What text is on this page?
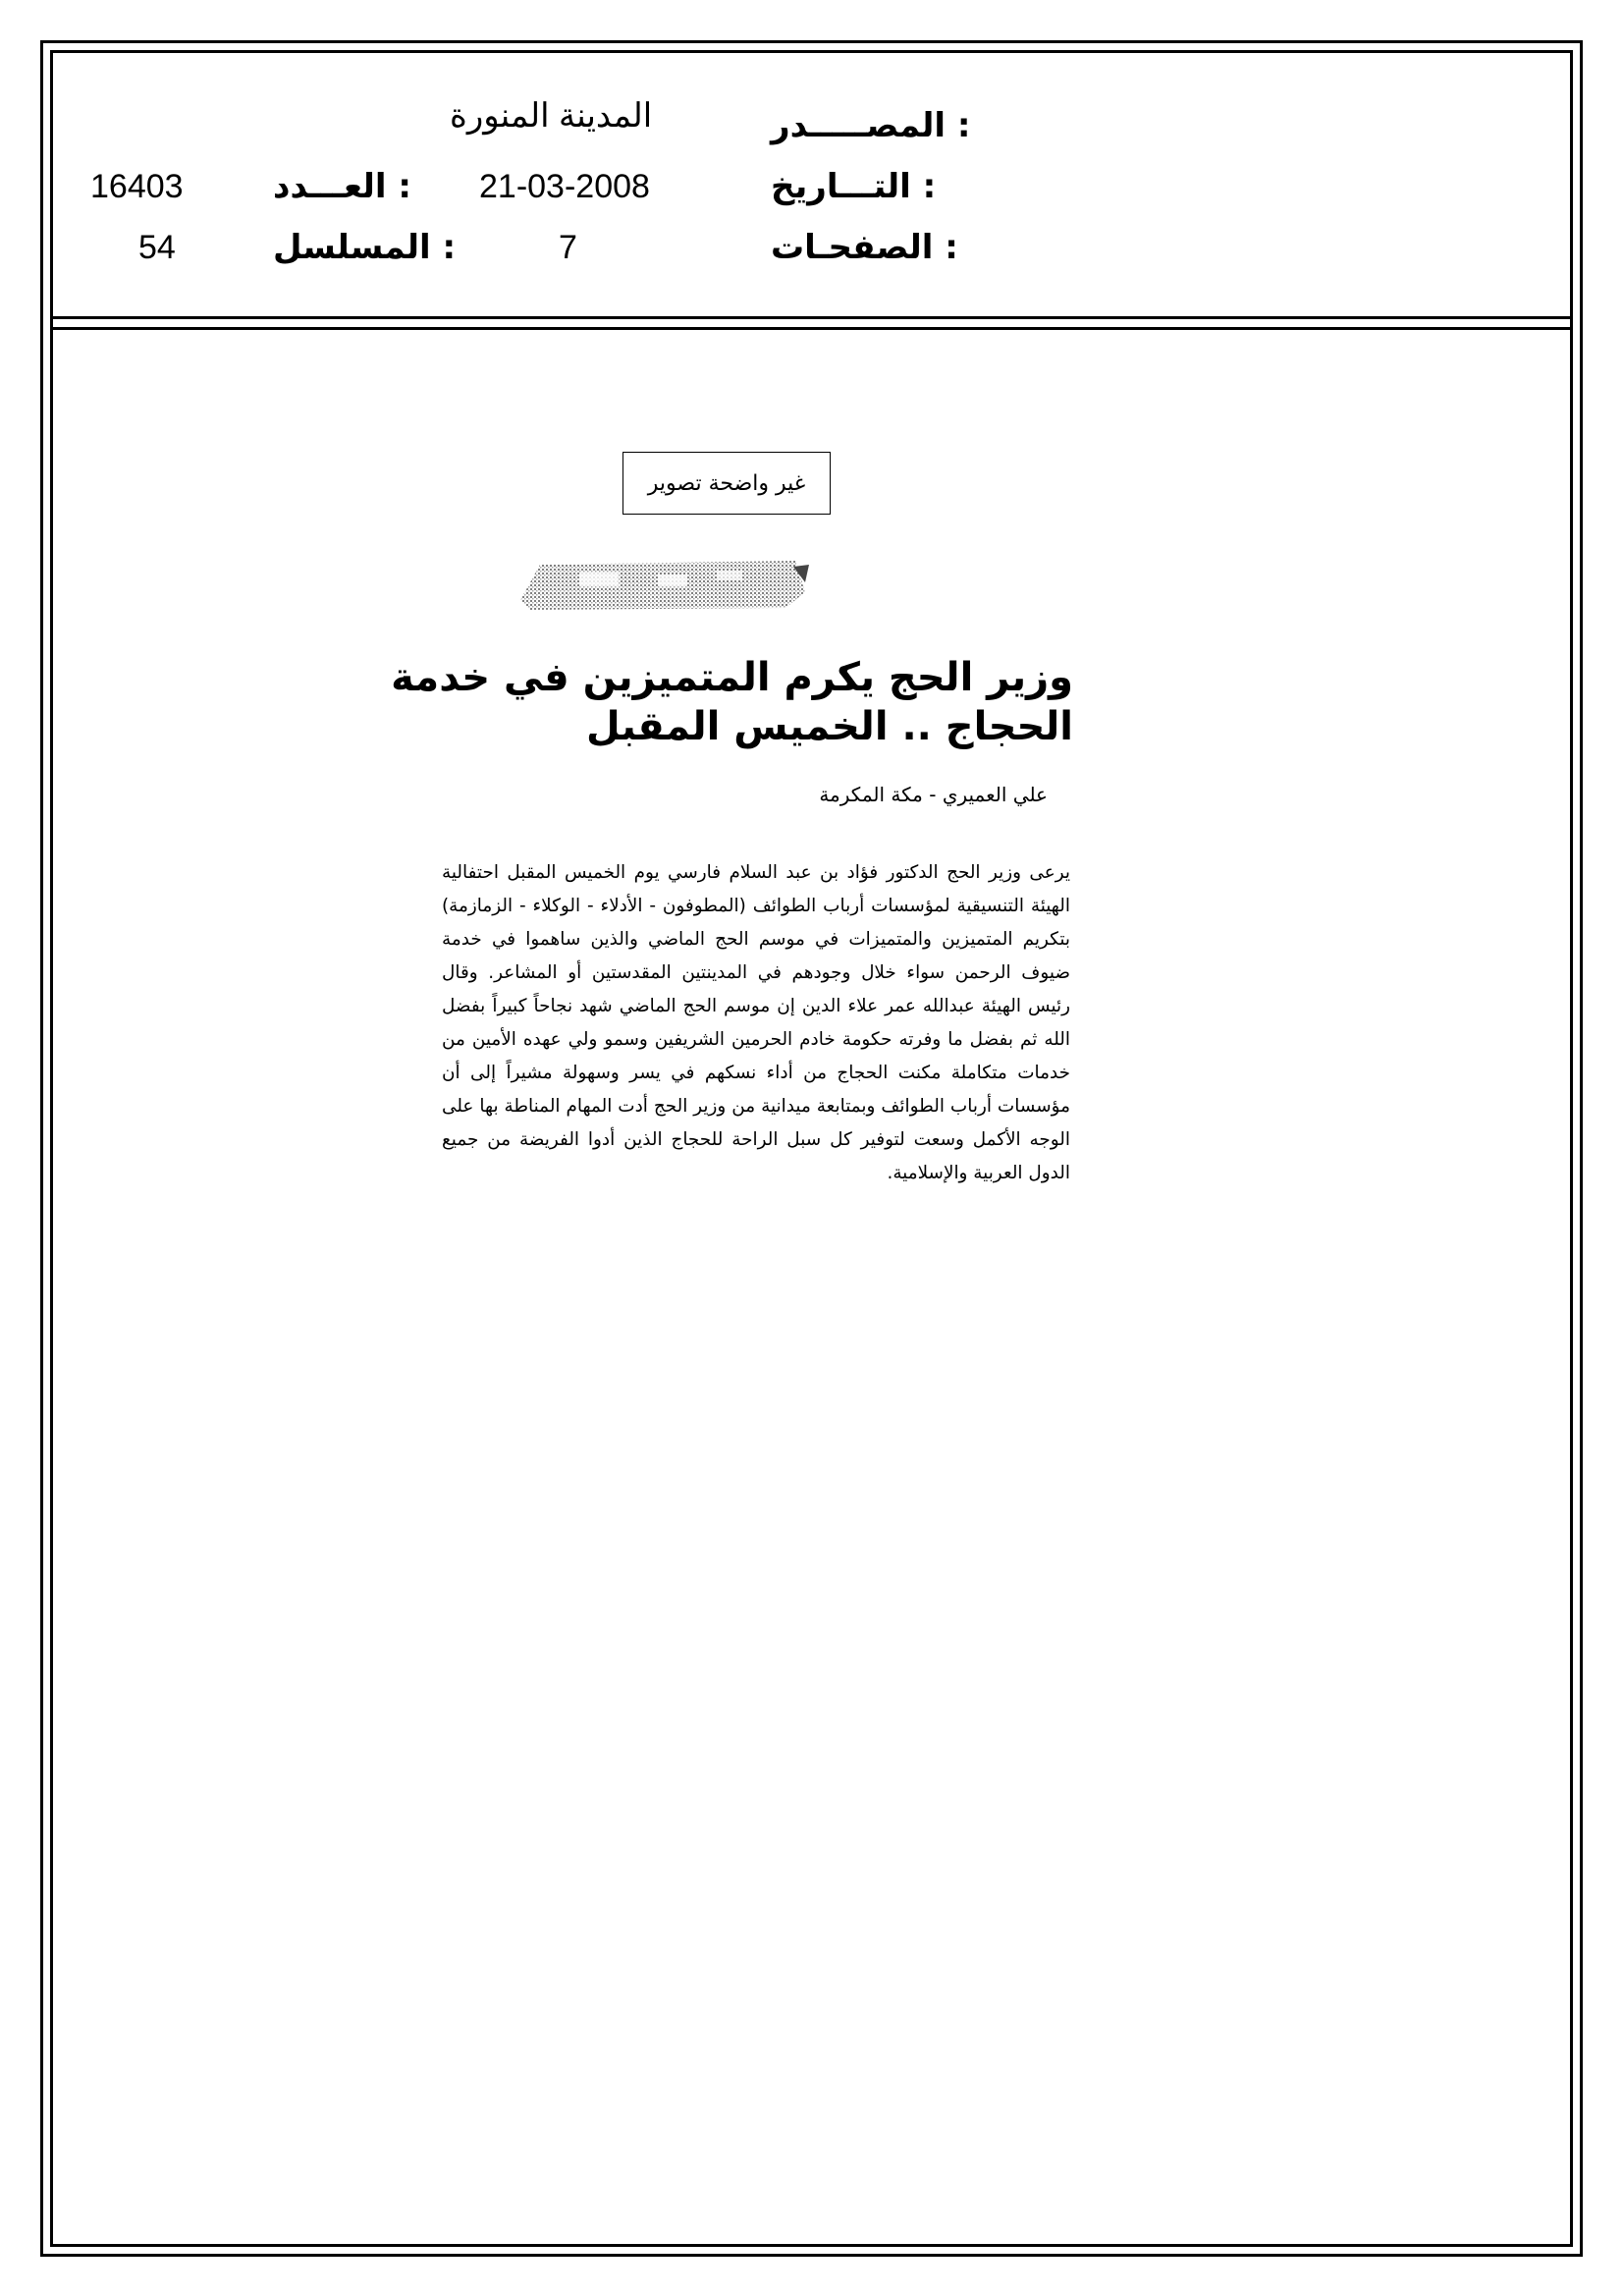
المصـــــدر :
المدينة المنورة
التـــاريخ :
21-03-2008
الصفحـات :
7
العـــدد :
16403
المسلسل :
54
غير واضحة تصوير
وزير الحج يكرم المتميزين في خدمة الحجاج .. الخميس المقبل
علي العميري - مكة المكرمة
يرعى وزير الحج الدكتور فؤاد بن عبد السلام فارسي يوم الخميس المقبل احتفالية الهيئة التنسيقية لمؤسسات أرباب الطوائف (المطوفون - الأدلاء - الوكلاء - الزمازمة) بتكريم المتميزين والمتميزات في موسم الحج الماضي والذين ساهموا في خدمة ضيوف الرحمن سواء خلال وجودهم في المدينتين المقدستين أو المشاعر. وقال رئيس الهيئة عبدالله عمر علاء الدين إن موسم الحج الماضي شهد نجاحاً كبيراً بفضل الله ثم بفضل ما وفرته حكومة خادم الحرمين الشريفين وسمو ولي عهده الأمين من خدمات متكاملة مكنت الحجاج من أداء نسكهم في يسر وسهولة مشيراً إلى أن مؤسسات أرباب الطوائف وبمتابعة ميدانية من وزير الحج أدت المهام المناطة بها على الوجه الأكمل وسعت لتوفير كل سبل الراحة للحجاج الذين أدوا الفريضة من جميع الدول العربية والإسلامية.
